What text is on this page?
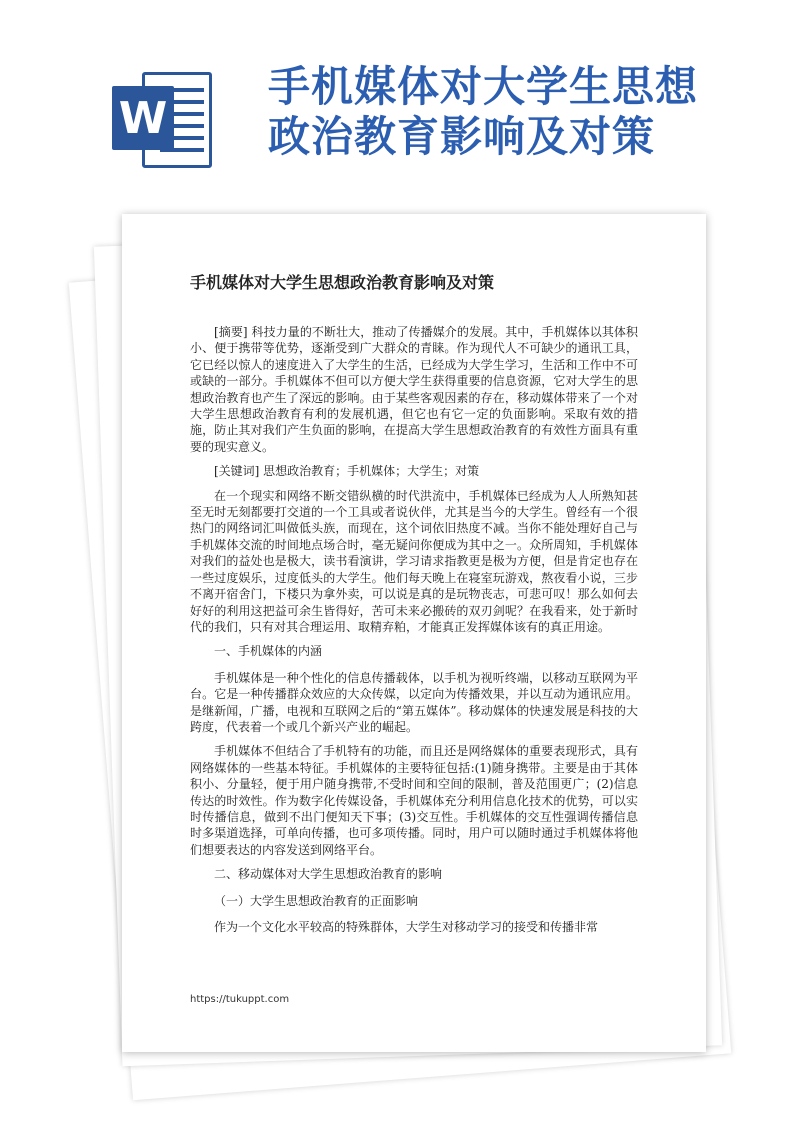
W
手机媒体对大学生思想政治教育影响及对策
手机媒体对大学生思想政治教育影响及对策

[摘要] 科技力量的不断壮大，推动了传播媒介的发展。其中，手机媒体以其体积小、便于携带等优势，逐渐受到广大群众的青睐。作为现代人不可缺少的通讯工具，它已经以惊人的速度进入了大学生的生活，已经成为大学生学习，生活和工作中不可或缺的一部分。手机媒体不但可以方便大学生获得重要的信息资源，它对大学生的思想政治教育也产生了深远的影响。由于某些客观因素的存在，移动媒体带来了一个对大学生思想政治教育有利的发展机遇，但它也有它一定的负面影响。采取有效的措施，防止其对我们产生负面的影响，在提高大学生思想政治教育的有效性方面具有重要的现实意义。

[关键词] 思想政治教育；手机媒体；大学生；对策

在一个现实和网络不断交错纵横的时代洪流中，手机媒体已经成为人人所熟知甚至无时无刻都要打交道的一个工具或者说伙伴，尤其是当今的大学生。曾经有一个很热门的网络词汇叫做低头族，而现在，这个词依旧热度不减。当你不能处理好自己与手机媒体交流的时间地点场合时，毫无疑问你便成为其中之一。众所周知，手机媒体对我们的益处也是极大，读书看演讲，学习请求指教更是极为方便，但是肯定也存在一些过度娱乐，过度低头的大学生。他们每天晚上在寝室玩游戏，熬夜看小说，三步不离开宿舍门，下楼只为拿外卖，可以说是真的是玩物丧志，可悲可叹！那么如何去好好的利用这把益可余生皆得好，苦可未来必搬砖的双刃剑呢？在我看来，处于新时代的我们，只有对其合理运用、取精弃粕，才能真正发挥媒体该有的真正用途。

一、手机媒体的内涵

手机媒体是一种个性化的信息传播载体，以手机为视听终端，以移动互联网为平台。它是一种传播群众效应的大众传媒，以定向为传播效果，并以互动为通讯应用。是继新闻，广播，电视和互联网之后的“第五媒体”。移动媒体的快速发展是科技的大跨度，代表着一个或几个新兴产业的崛起。

手机媒体不但结合了手机特有的功能，而且还是网络媒体的重要表现形式，具有网络媒体的一些基本特征。手机媒体的主要特征包括:(1)随身携带。主要是由于其体积小、分量轻，便于用户随身携带,不受时间和空间的限制，普及范围更广；(2)信息传达的时效性。作为数字化传媒设备，手机媒体充分利用信息化技术的优势，可以实时传播信息，做到不出门便知天下事；(3)交互性。手机媒体的交互性强调传播信息时多渠道选择，可单向传播，也可多项传播。同时，用户可以随时通过手机媒体将他们想要表达的内容发送到网络平台。

二、移动媒体对大学生思想政治教育的影响

（一）大学生思想政治教育的正面影响

作为一个文化水平较高的特殊群体，大学生对移动学习的接受和传播非常

https://tukuppt.com
